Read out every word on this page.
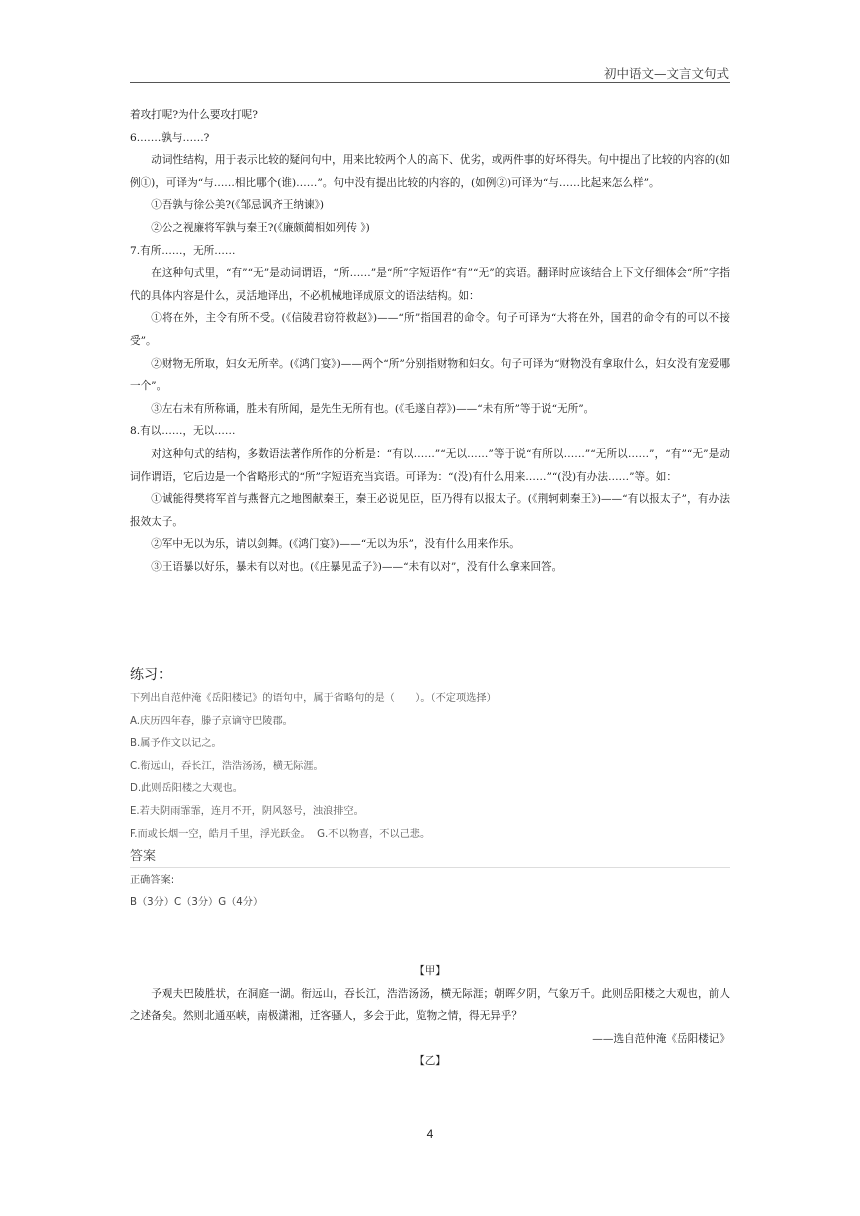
初中语文—文言文句式

着攻打呢?为什么要攻打呢?

6.……孰与……?

动词性结构，用于表示比较的疑问句中，用来比较两个人的高下、优劣，或两件事的好坏得失。句中提出了比较的内容的(如例①)，可译为“与……相比哪个(谁)……”。句中没有提出比较的内容的，(如例②)可译为“与……比起来怎么样”。

①吾孰与徐公美?(《邹忌讽齐王纳谏》)

②公之视廉将军孰与秦王?(《廉颇蔺相如列传 》)

7.有所……，无所……

在这种句式里，“有”“无”是动词谓语，“所……”是“所”字短语作“有”“无”的宾语。翻译时应该结合上下文仔细体会“所”字指代的具体内容是什么，灵活地译出，不必机械地译成原文的语法结构。如：

①将在外，主令有所不受。(《信陵君窃符救赵》)——“所”指国君的命令。句子可译为“大将在外，国君的命令有的可以不接受”。

②财物无所取，妇女无所幸。(《鸿门宴》)——两个“所”分别指财物和妇女。句子可译为“财物没有拿取什么，妇女没有宠爱哪一个”。

③左右未有所称诵，胜未有所闻，是先生无所有也。(《毛遂自荐》)——“未有所”等于说“无所”。

8.有以……，无以……

对这种句式的结构，多数语法著作所作的分析是：“有以……”“无以……”等于说“有所以……”“无所以……”，“有”“无”是动词作谓语，它后边是一个省略形式的“所”字短语充当宾语。可译为：“(没)有什么用来……”“(没)有办法……”等。如：

①诚能得樊将军首与燕督亢之地图献秦王，秦王必说见臣，臣乃得有以报太子。(《荆轲刺秦王》)——“有以报太子”，有办法报效太子。

②军中无以为乐，请以剑舞。(《鸿门宴》)——“无以为乐”，没有什么用来作乐。

③王语暴以好乐，暴未有以对也。(《庄暴见孟子》)——“未有以对”，没有什么拿来回答。

练习：

下列出自范仲淹《岳阳楼记》的语句中，属于省略句的是（　　）。（不定项选择）

A.庆历四年春，滕子京谪守巴陵郡。

B.属予作文以记之。

C.衔远山，吞长江，浩浩汤汤，横无际涯。

D.此则岳阳楼之大观也。

E.若夫阴雨霏霏，连月不开，阴风怒号，浊浪排空。

F.而或长烟一空，皓月千里，浮光跃金。 G.不以物喜，不以己悲。

答案
正确答案:
B（3分）C（3分）G（4分）

【甲】

予观夫巴陵胜状，在洞庭一湖。衔远山，吞长江，浩浩汤汤，横无际涯；朝晖夕阴，气象万千。此则岳阳楼之大观也，前人之述备矣。然则北通巫峡，南极潇湘，迁客骚人，多会于此，览物之情，得无异乎？

——选自范仲淹《岳阳楼记》

【乙】

4
